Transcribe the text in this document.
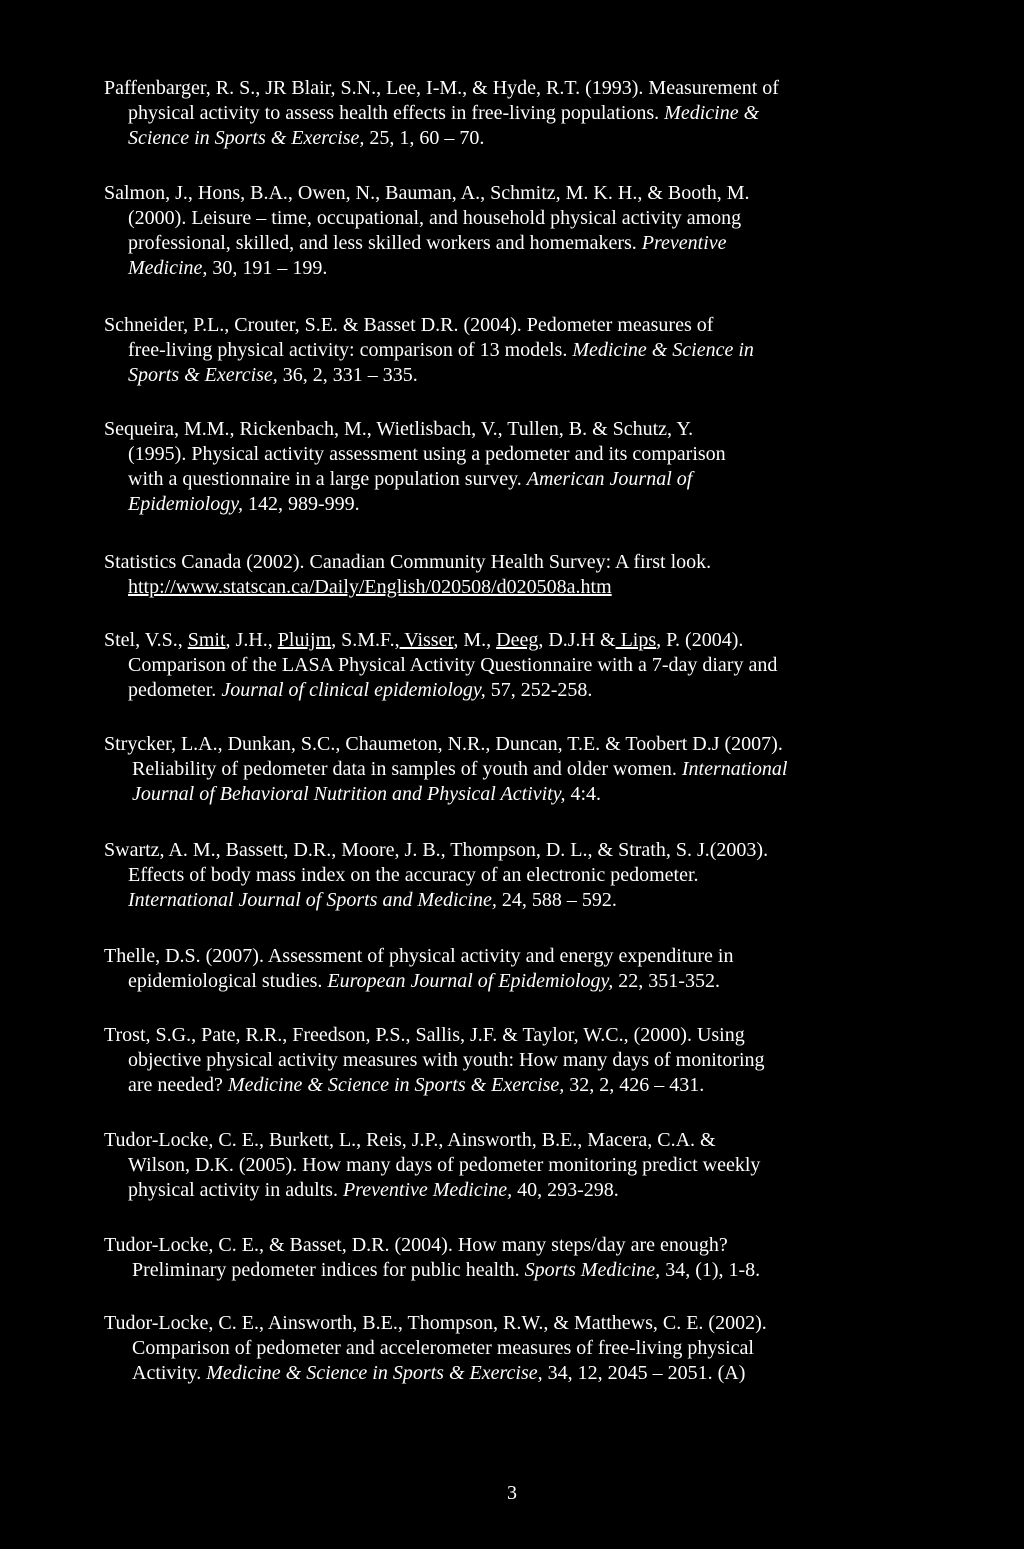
Paffenbarger, R. S., JR Blair, S.N., Lee, I-M., & Hyde, R.T. (1993). Measurement of
physical activity to assess health effects in free-living populations. Medicine &
Science in Sports & Exercise, 25, 1, 60 – 70.
Salmon, J., Hons, B.A., Owen, N., Bauman, A., Schmitz, M. K. H., & Booth, M.
(2000). Leisure – time, occupational, and household physical activity among
professional, skilled, and less skilled workers and homemakers. Preventive
Medicine, 30, 191 – 199.
Schneider, P.L., Crouter, S.E. & Basset D.R. (2004). Pedometer measures of
free-living physical activity: comparison of 13 models. Medicine & Science in
Sports & Exercise, 36, 2, 331 – 335.
Sequeira, M.M., Rickenbach, M., Wietlisbach, V., Tullen, B. & Schutz, Y.
(1995). Physical activity assessment using a pedometer and its comparison
with a questionnaire in a large population survey. American Journal of
Epidemiology, 142, 989-999.
Statistics Canada (2002). Canadian Community Health Survey: A first look.
http://www.statscan.ca/Daily/English/020508/d020508a.htm
Stel, V.S., Smit, J.H., Pluijm, S.M.F., Visser, M., Deeg, D.J.H & Lips, P. (2004).
Comparison of the LASA Physical Activity Questionnaire with a 7-day diary and
pedometer. Journal of clinical epidemiology, 57, 252-258.
Strycker, L.A., Dunkan, S.C., Chaumeton, N.R., Duncan, T.E. & Toobert D.J (2007).
Reliability of pedometer data in samples of youth and older women. International
Journal of Behavioral Nutrition and Physical Activity, 4:4.
Swartz, A. M., Bassett, D.R., Moore, J. B., Thompson, D. L., & Strath, S. J.(2003).
Effects of body mass index on the accuracy of an electronic pedometer.
International Journal of Sports and Medicine, 24, 588 – 592.
Thelle, D.S. (2007). Assessment of physical activity and energy expenditure in
epidemiological studies. European Journal of Epidemiology, 22, 351-352.
Trost, S.G., Pate, R.R., Freedson, P.S., Sallis, J.F. & Taylor, W.C., (2000). Using
objective physical activity measures with youth: How many days of monitoring
are needed? Medicine & Science in Sports & Exercise, 32, 2, 426 – 431.
Tudor-Locke, C. E., Burkett, L., Reis, J.P., Ainsworth, B.E., Macera, C.A. &
Wilson, D.K. (2005). How many days of pedometer monitoring predict weekly
physical activity in adults. Preventive Medicine, 40, 293-298.
Tudor-Locke, C. E., & Basset, D.R. (2004). How many steps/day are enough?
Preliminary pedometer indices for public health. Sports Medicine, 34, (1), 1-8.
Tudor-Locke, C. E., Ainsworth, B.E., Thompson, R.W., & Matthews, C. E. (2002).
Comparison of pedometer and accelerometer measures of free-living physical
Activity. Medicine & Science in Sports & Exercise, 34, 12, 2045 – 2051. (A)
3
